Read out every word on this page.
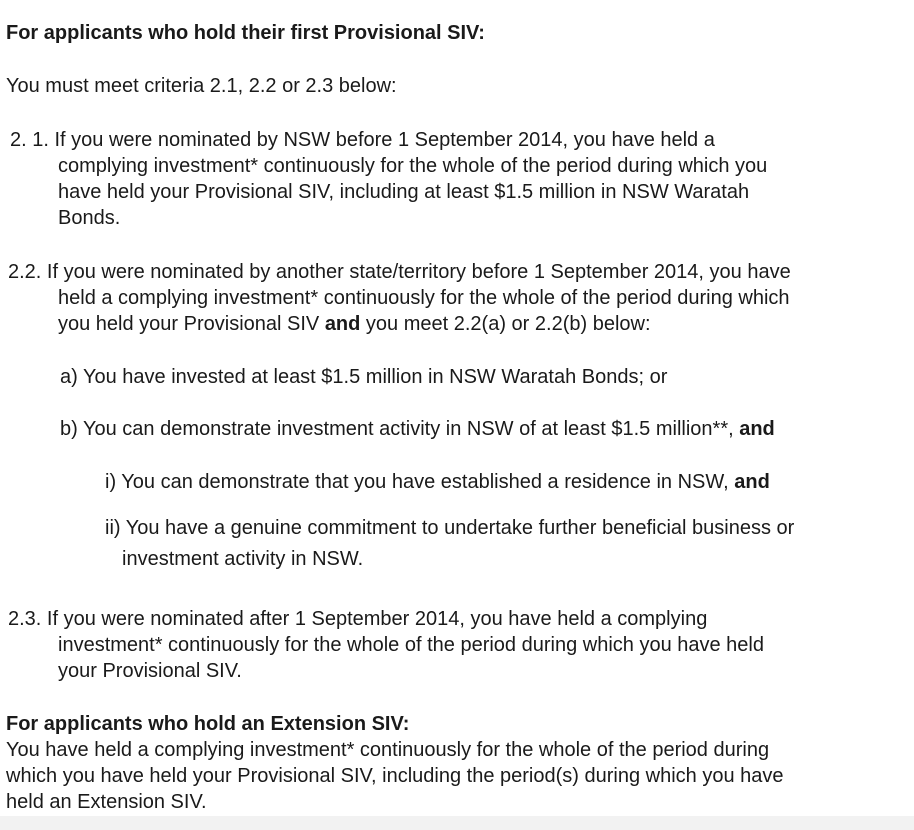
For applicants who hold their first Provisional SIV:
You must meet criteria 2.1, 2.2 or 2.3 below:
2. 1. If you were nominated by NSW before 1 September 2014, you have held a
complying investment* continuously for the whole of the period during which you
have held your Provisional SIV, including at least $1.5 million in NSW Waratah
Bonds.
2.2. If you were nominated by another state/territory before 1 September 2014, you have
held a complying investment* continuously for the whole of the period during which
you held your Provisional SIV and you meet 2.2(a) or 2.2(b) below:
a) You have invested at least $1.5 million in NSW Waratah Bonds; or
b) You can demonstrate investment activity in NSW of at least $1.5 million**, and
i) You can demonstrate that you have established a residence in NSW, and
ii) You have a genuine commitment to undertake further beneficial business or
investment activity in NSW.
2.3. If you were nominated after 1 September 2014, you have held a complying
investment* continuously for the whole of the period during which you have held
your Provisional SIV.
For applicants who hold an Extension SIV:
You have held a complying investment* continuously for the whole of the period during
which you have held your Provisional SIV, including the period(s) during which you have
held an Extension SIV.
